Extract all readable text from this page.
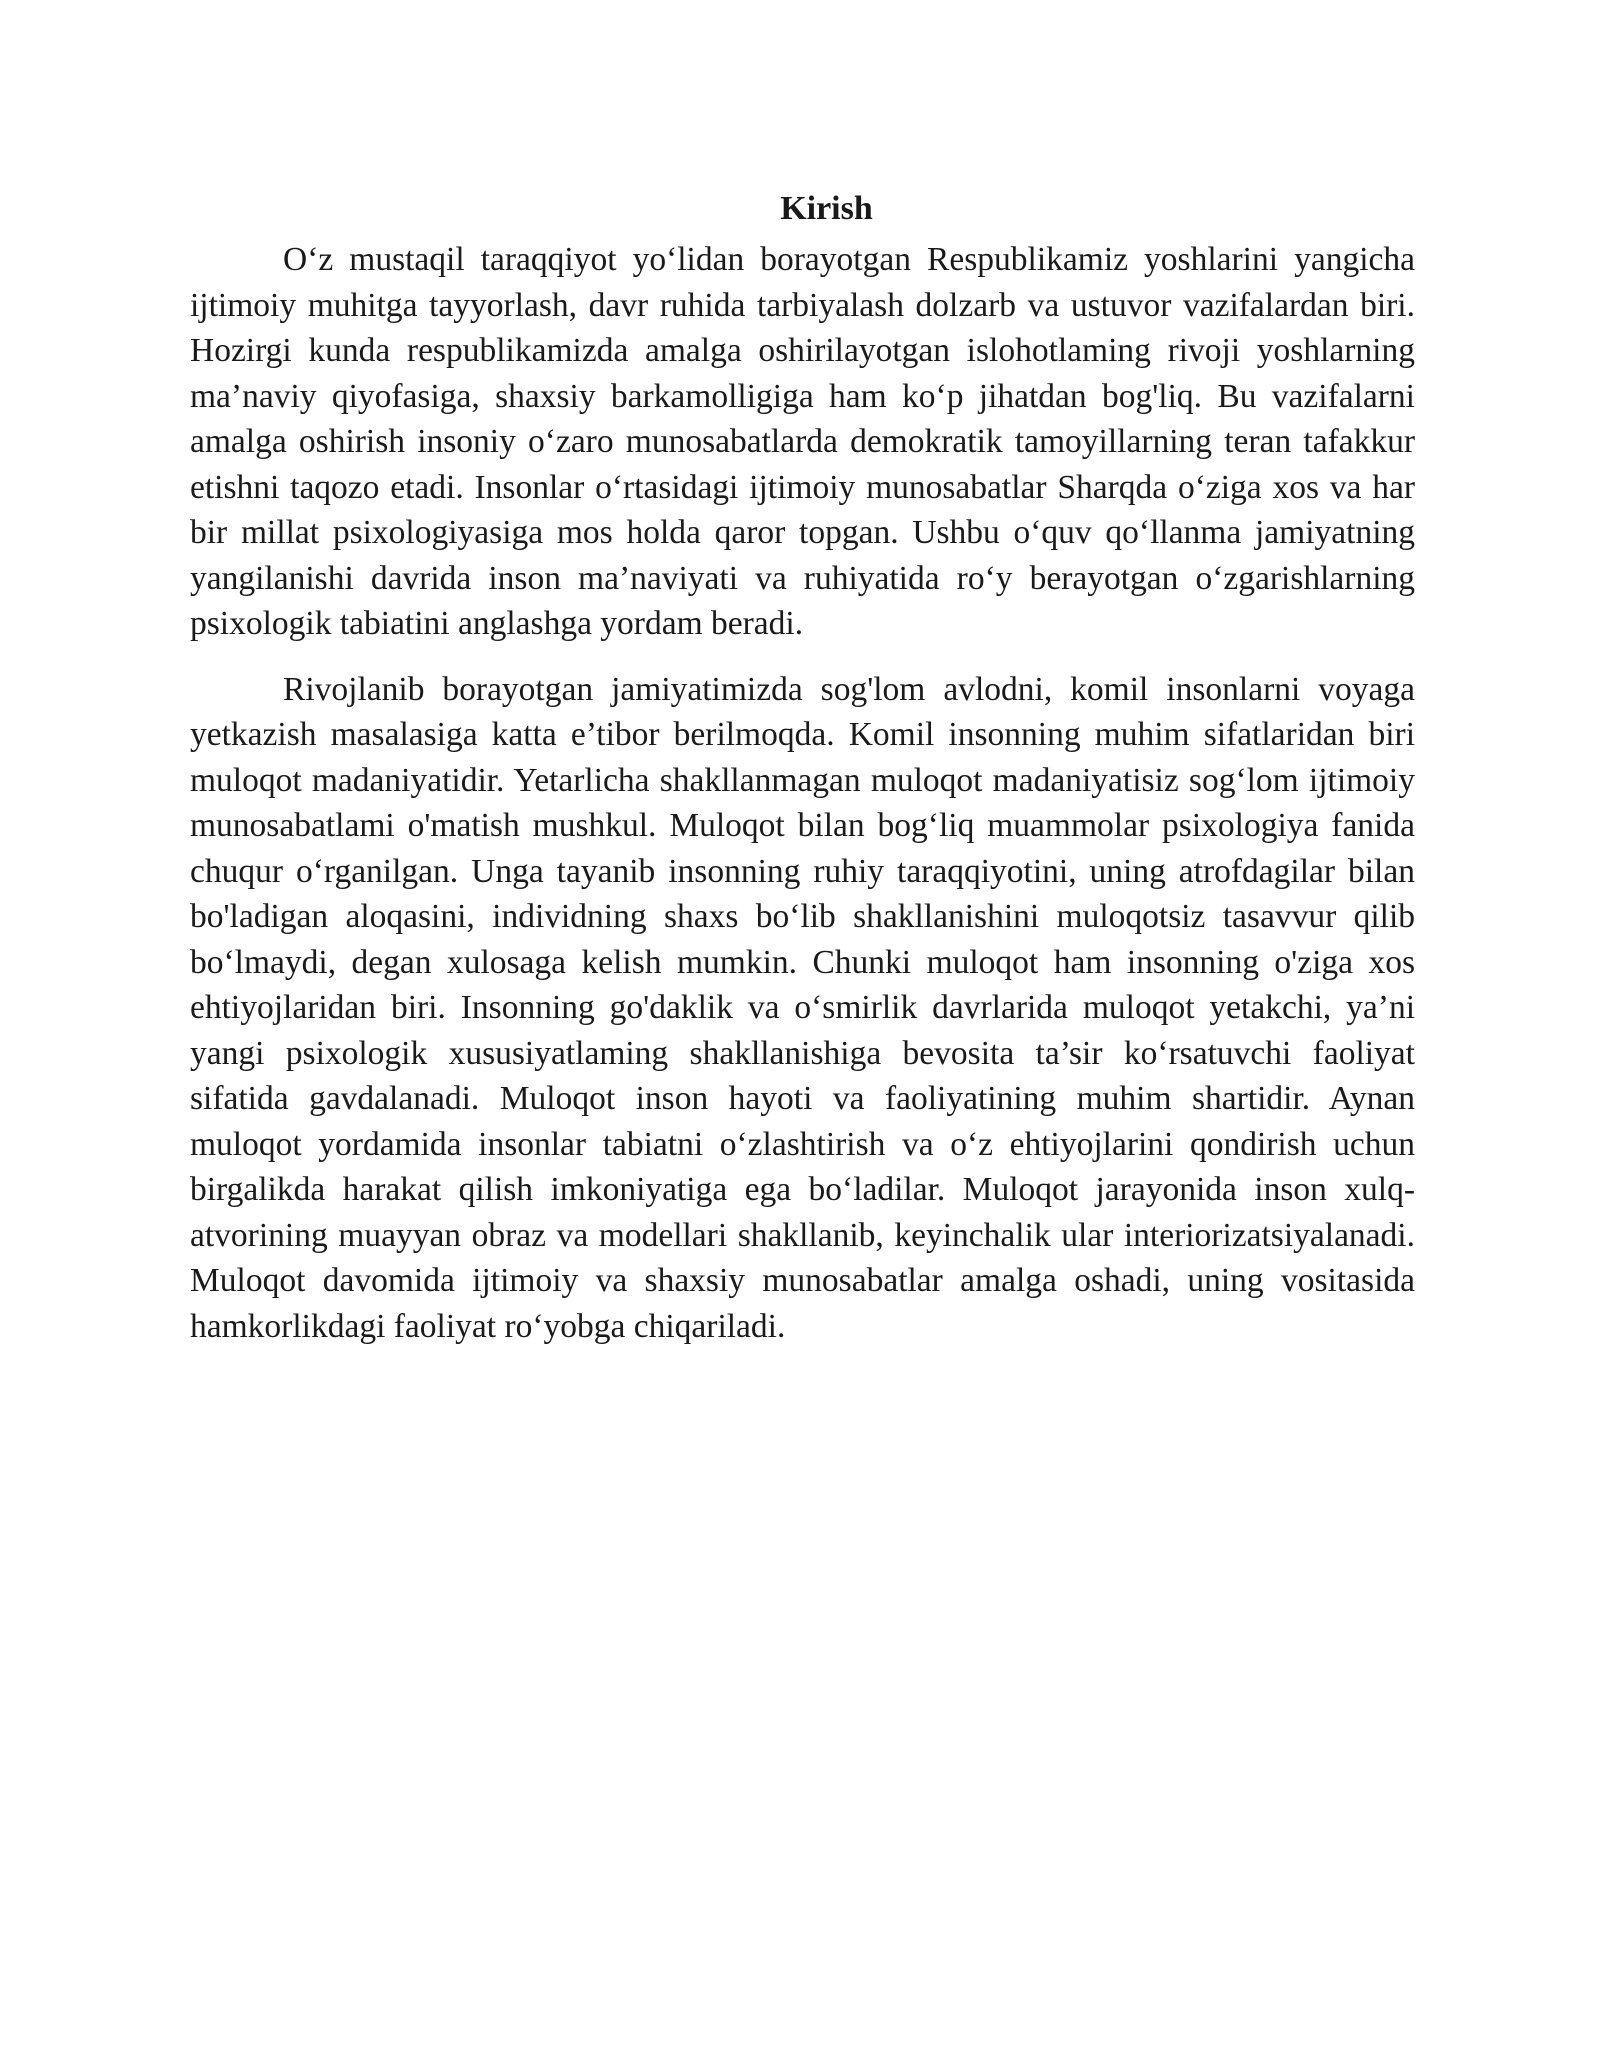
Kirish

O‘z mustaqil taraqqiyot yo‘lidan borayotgan Respublikamiz yoshlarini yangicha ijtimoiy muhitga tayyorlash, davr ruhida tarbiyalash dolzarb va ustuvor vazifalardan biri. Hozirgi kunda respublikamizda amalga oshirilayotgan islohotlaming rivoji yoshlarning ma’naviy qiyofasiga, shaxsiy barkamolligiga ham ko‘p jihatdan bog'liq. Bu vazifalarni amalga oshirish insoniy o‘zaro munosabatlarda demokratik tamoyillarning teran tafakkur etishni taqozo etadi. Insonlar o‘rtasidagi ijtimoiy munosabatlar Sharqda o‘ziga xos va har bir millat psixologiyasiga mos holda qaror topgan. Ushbu o‘quv qo‘llanma jamiyatning yangilanishi davrida inson ma’naviyati va ruhiyatida ro‘y berayotgan o‘zgarishlarning psixologik tabiatini anglashga yordam beradi.

Rivojlanib borayotgan jamiyatimizda sog'lom avlodni, komil insonlarni voyaga yetkazish masalasiga katta e’tibor berilmoqda. Komil insonning muhim sifatlaridan biri muloqot madaniyatidir. Yetarlicha shakllanmagan muloqot madaniyatisiz sog‘lom ijtimoiy munosabatlami o'matish mushkul. Muloqot bilan bog‘liq muammolar psixologiya fanida chuqur o‘rganilgan. Unga tayanib insonning ruhiy taraqqiyotini, uning atrofdagilar bilan bo'ladigan aloqasini, individning shaxs bo‘lib shakllanishini muloqotsiz tasavvur qilib bo‘lmaydi, degan xulosaga kelish mumkin. Chunki muloqot ham insonning o'ziga xos ehtiyojlaridan biri. Insonning go'daklik va o‘smirlik davrlarida muloqot yetakchi, ya’ni yangi psixologik xususiyatlaming shakllanishiga bevosita ta’sir ko‘rsatuvchi faoliyat sifatida gavdalanadi. Muloqot inson hayoti va faoliyatining muhim shartidir. Aynan muloqot yordamida insonlar tabiatni o‘zlashtirish va o‘z ehtiyojlarini qondirish uchun birgalikda harakat qilish imkoniyatiga ega bo‘ladilar. Muloqot jarayonida inson xulq-atvorining muayyan obraz va modellari shakllanib, keyinchalik ular interiorizatsiyalanadi. Muloqot davomida ijtimoiy va shaxsiy munosabatlar amalga oshadi, uning vositasida hamkorlikdagi faoliyat ro‘yobga chiqariladi.
